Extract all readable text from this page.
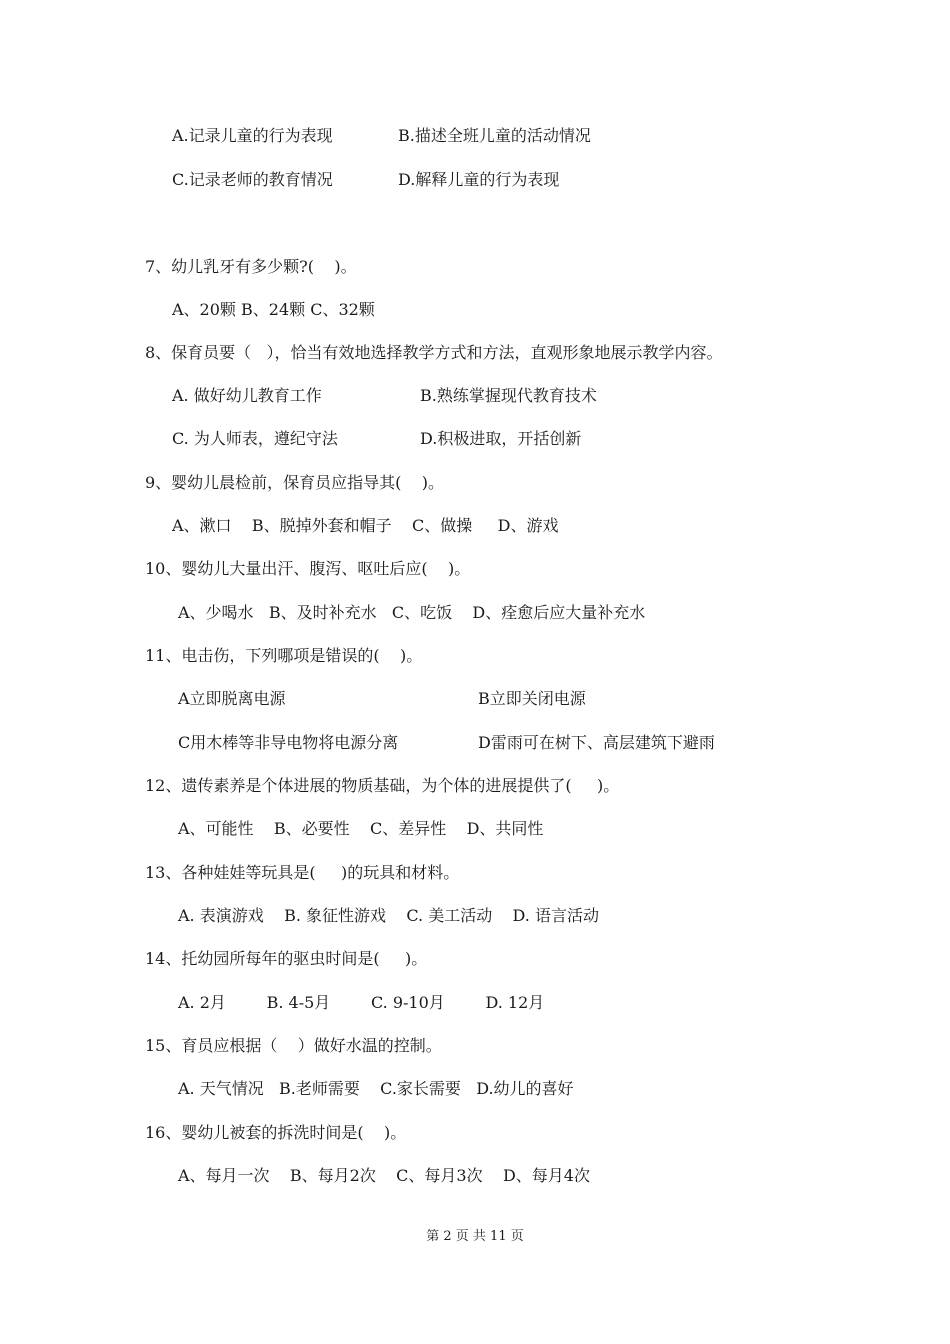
A.记录儿童的行为表现	B.描述全班儿童的活动情况
C.记录老师的教育情况	D.解释儿童的行为表现
7、幼儿乳牙有多少颗?(    )。
A、20颗 B、24颗 C、32颗
8、保育员要（   ），恰当有效地选择教学方式和方法，直观形象地展示教学内容。
A. 做好幼儿教育工作	B.熟练掌握现代教育技术
C. 为人师表，遵纪守法	D.积极进取，开括创新
9、婴幼儿晨检前，保育员应指导其(    )。
A、漱口    B、脱掉外套和帽子    C、做操     D、游戏
10、婴幼儿大量出汗、腹泻、呕吐后应(    )。
A、少喝水   B、及时补充水   C、吃饭    D、痊愈后应大量补充水
11、电击伤，下列哪项是错误的(    )。
A立即脱离电源	B立即关闭电源
C用木棒等非导电物将电源分离	D雷雨可在树下、高层建筑下避雨
12、遗传素养是个体进展的物质基础，为个体的进展提供了(     )。
A、可能性    B、必要性    C、差异性    D、共同性
13、各种娃娃等玩具是(     )的玩具和材料。
A. 表演游戏    B. 象征性游戏    C. 美工活动    D. 语言活动
14、托幼园所每年的驱虫时间是(     )。
A. 2月        B. 4-5月        C. 9-10月        D. 12月
15、育员应根据（    ）做好水温的控制。
A. 天气情况   B.老师需要    C.家长需要   D.幼儿的喜好
16、婴幼儿被套的拆洗时间是(    )。
A、每月一次    B、每月2次    C、每月3次    D、每月4次
第 2 页 共 11 页
